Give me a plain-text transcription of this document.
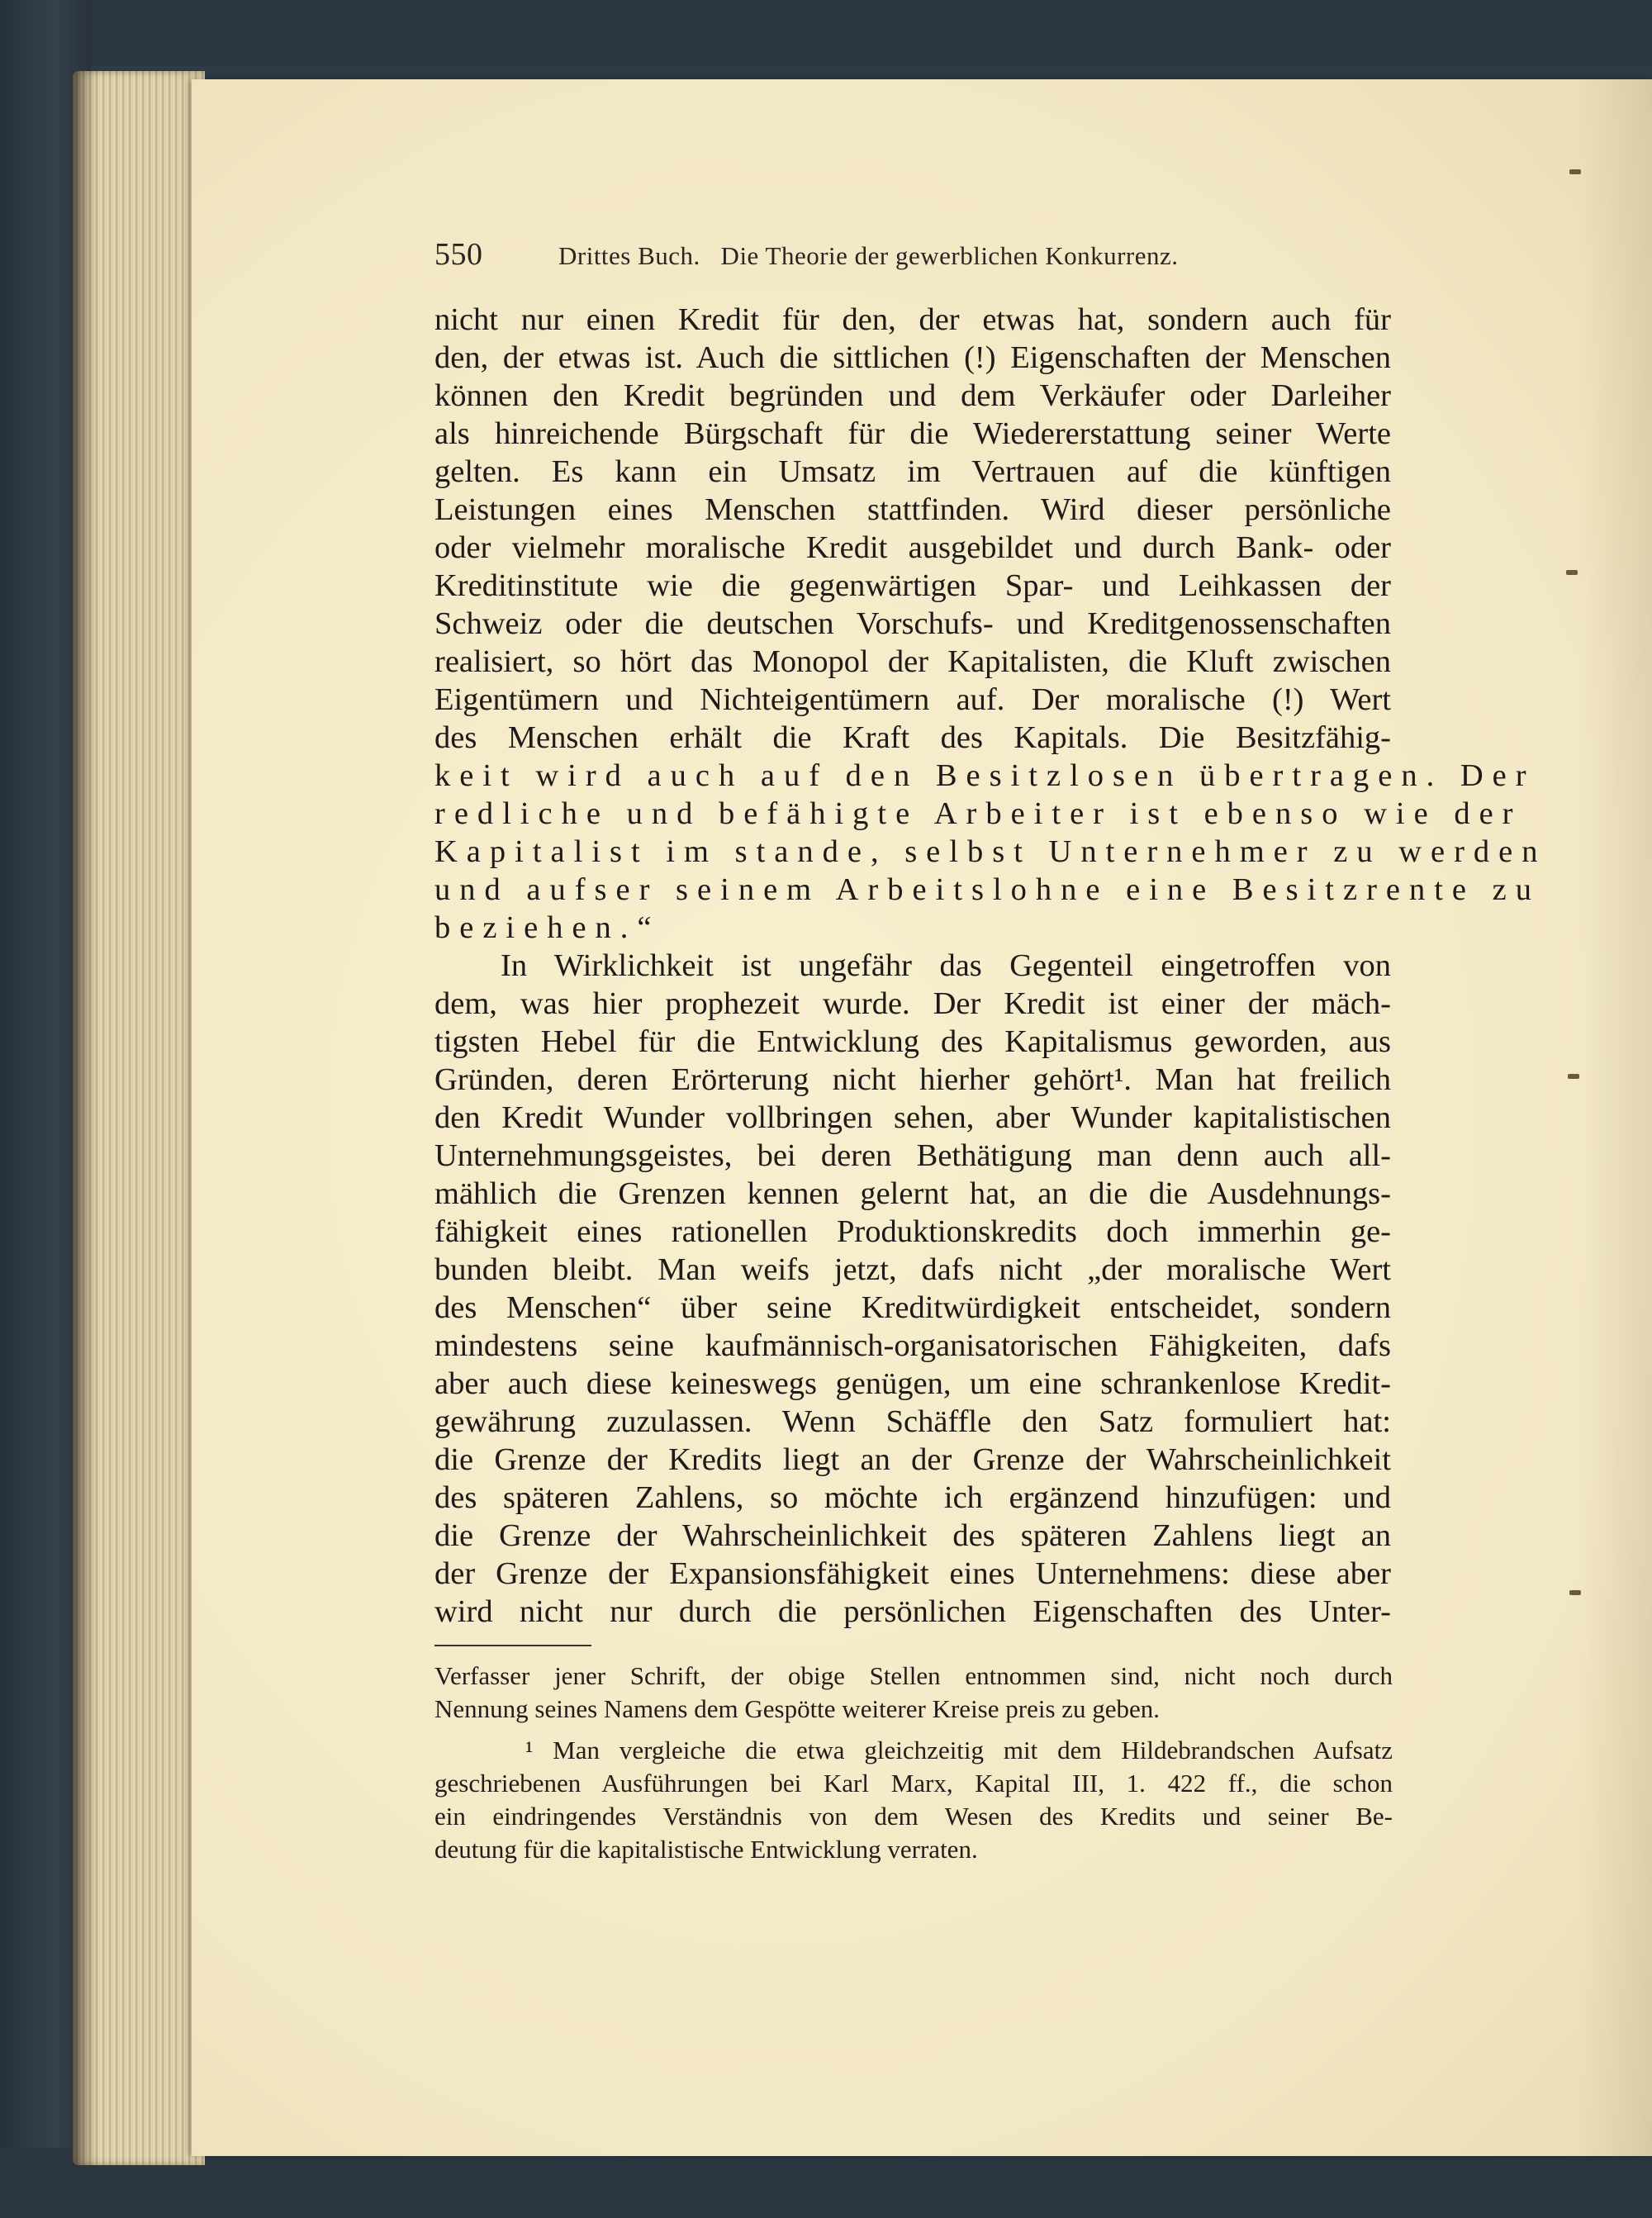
550	Drittes Buch.   Die Theorie der gewerblichen Konkurrenz.
nicht nur einen Kredit für den, der etwas hat, sondern auch für
den, der etwas ist. Auch die sittlichen (!) Eigenschaften der Menschen
können den Kredit begründen und dem Verkäufer oder Darleiher
als hinreichende Bürgschaft für die Wiedererstattung seiner Werte
gelten. Es kann ein Umsatz im Vertrauen auf die künftigen
Leistungen eines Menschen stattfinden. Wird dieser persönliche
oder vielmehr moralische Kredit ausgebildet und durch Bank- oder
Kreditinstitute wie die gegenwärtigen Spar- und Leihkassen der
Schweiz oder die deutschen Vorschufs- und Kreditgenossenschaften
realisiert, so hört das Monopol der Kapitalisten, die Kluft zwischen
Eigentümern und Nichteigentümern auf. Der moralische (!) Wert
des Menschen erhält die Kraft des Kapitals. Die Besitzfähig-
keit wird auch auf den Besitzlosen übertragen. Der
redliche und befähigte Arbeiter ist ebenso wie der
Kapitalist im stande, selbst Unternehmer zu werden
und aufser seinem Arbeitslohne eine Besitzrente zu
beziehen.“
In Wirklichkeit ist ungefähr das Gegenteil eingetroffen von
dem, was hier prophezeit wurde. Der Kredit ist einer der mäch-
tigsten Hebel für die Entwicklung des Kapitalismus geworden, aus
Gründen, deren Erörterung nicht hierher gehört¹. Man hat freilich
den Kredit Wunder vollbringen sehen, aber Wunder kapitalistischen
Unternehmungsgeistes, bei deren Bethätigung man denn auch all-
mählich die Grenzen kennen gelernt hat, an die die Ausdehnungs-
fähigkeit eines rationellen Produktionskredits doch immerhin ge-
bunden bleibt. Man weifs jetzt, dafs nicht „der moralische Wert
des Menschen“ über seine Kreditwürdigkeit entscheidet, sondern
mindestens seine kaufmännisch-organisatorischen Fähigkeiten, dafs
aber auch diese keineswegs genügen, um eine schrankenlose Kredit-
gewährung zuzulassen. Wenn Schäffle den Satz formuliert hat:
die Grenze der Kredits liegt an der Grenze der Wahrscheinlichkeit
des späteren Zahlens, so möchte ich ergänzend hinzufügen: und
die Grenze der Wahrscheinlichkeit des späteren Zahlens liegt an
der Grenze der Expansionsfähigkeit eines Unternehmens: diese aber
wird nicht nur durch die persönlichen Eigenschaften des Unter-
Verfasser jener Schrift, der obige Stellen entnommen sind, nicht noch durch
Nennung seines Namens dem Gespötte weiterer Kreise preis zu geben.
¹ Man vergleiche die etwa gleichzeitig mit dem Hildebrandschen Aufsatz
geschriebenen Ausführungen bei Karl Marx, Kapital III, 1. 422 ff., die schon
ein eindringendes Verständnis von dem Wesen des Kredits und seiner Be-
deutung für die kapitalistische Entwicklung verraten.
